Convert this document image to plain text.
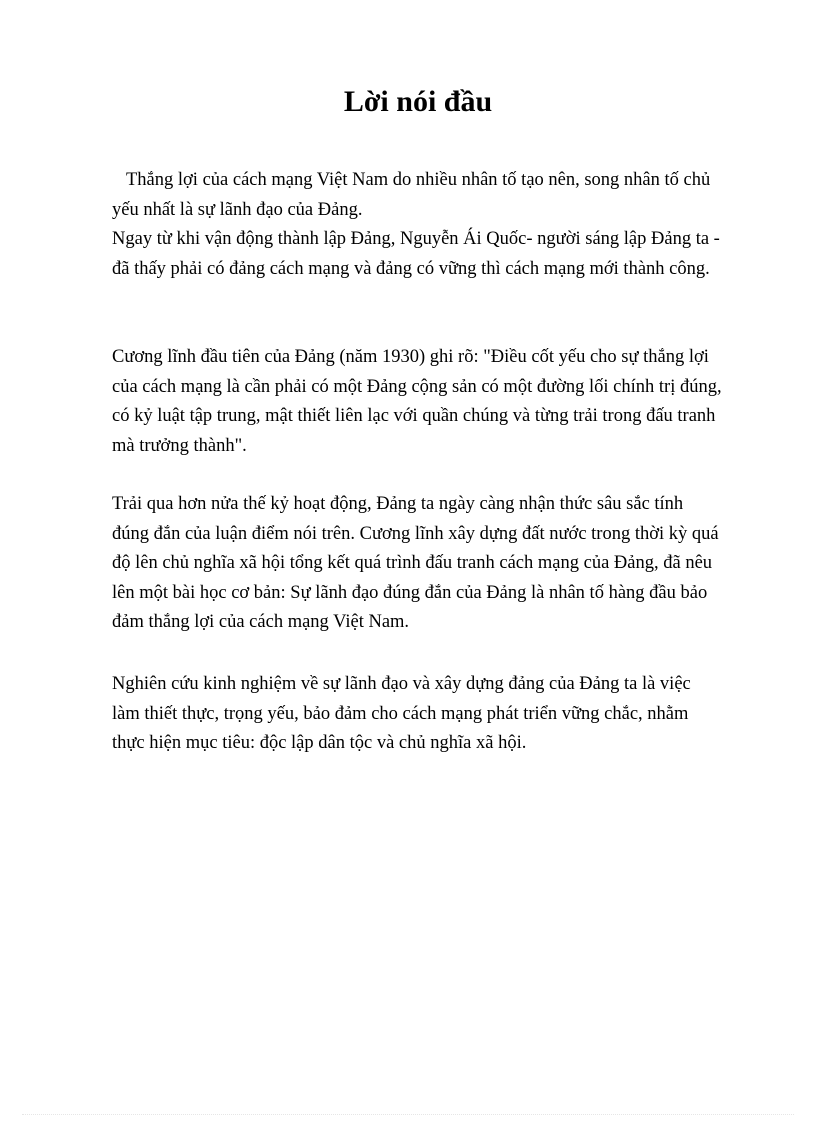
Lời nói đầu

Thắng lợi của cách mạng Việt Nam do nhiều nhân tố tạo nên, song nhân tố chủ yếu nhất là sự lãnh đạo của Đảng.

Ngay từ khi vận động thành lập Đảng, Nguyễn Ái Quốc- người sáng lập Đảng ta - đã thấy phải có đảng cách mạng và đảng có vững thì cách mạng mới thành công.

Cương lĩnh đầu tiên của Đảng (năm 1930) ghi rõ: "Điều cốt yếu cho sự thắng lợi của cách mạng là cần phải có một Đảng cộng sản có một đường lối chính trị đúng, có kỷ luật tập trung, mật thiết liên lạc với quần chúng và từng trải trong đấu tranh mà trưởng thành".

Trải qua hơn nửa thế kỷ hoạt động, Đảng ta ngày càng nhận thức sâu sắc tính đúng đắn của luận điểm nói trên. Cương lĩnh xây dựng đất nước trong thời kỳ quá độ lên chủ nghĩa xã hội tổng kết quá trình đấu tranh cách mạng của Đảng, đã nêu lên một bài học cơ bản: Sự lãnh đạo đúng đắn của Đảng là nhân tố hàng đầu bảo đảm thắng lợi của cách mạng Việt Nam.

Nghiên cứu kinh nghiệm về sự lãnh đạo và xây dựng đảng của Đảng ta là việc làm thiết thực, trọng yếu, bảo đảm cho cách mạng phát triển vững chắc, nhằm thực hiện mục tiêu: độc lập dân tộc và chủ nghĩa xã hội.
